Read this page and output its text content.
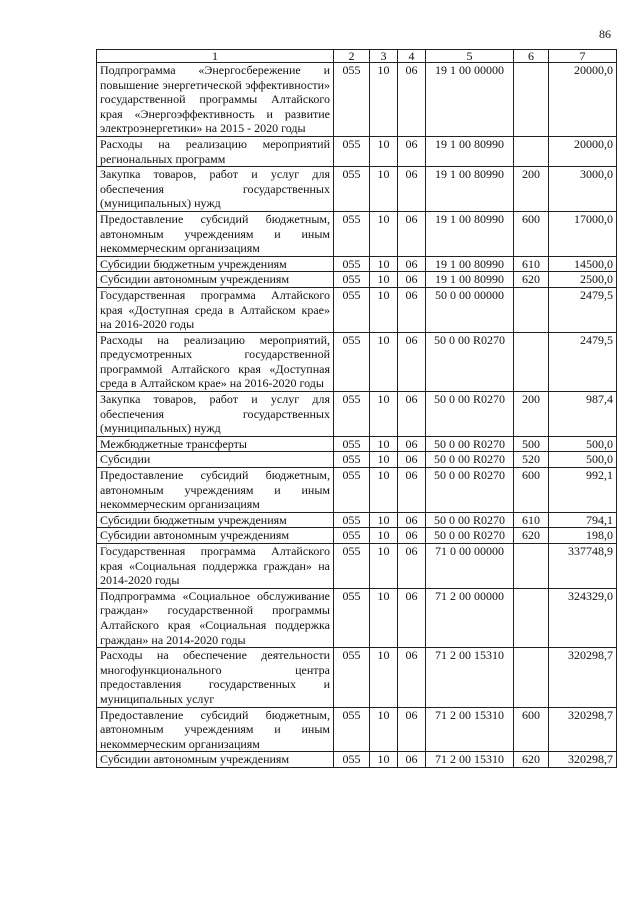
86
1	2	3	4	5	6	7
Подпрограмма «Энергосбережение и повышение энергетической эффективности» государственной программы Алтайского края «Энергоэффективность и развитие электроэнергетики» на 2015 - 2020 годы	055	10	06	19 1 00 00000		20000,0
Расходы на реализацию мероприятий региональных программ	055	10	06	19 1 00 80990		20000,0
Закупка товаров, работ и услуг для обеспечения государственных (муниципальных) нужд	055	10	06	19 1 00 80990	200	3000,0
Предоставление субсидий бюджетным, автономным учреждениям и иным некоммерческим организациям	055	10	06	19 1 00 80990	600	17000,0
Субсидии бюджетным учреждениям	055	10	06	19 1 00 80990	610	14500,0
Субсидии автономным учреждениям	055	10	06	19 1 00 80990	620	2500,0
Государственная программа Алтайского края «Доступная среда в Алтайском крае» на 2016-2020 годы	055	10	06	50 0 00 00000		2479,5
Расходы на реализацию мероприятий, предусмотренных государственной программой Алтайского края «Доступная среда в Алтайском крае» на 2016-2020 годы	055	10	06	50 0 00 R0270		2479,5
Закупка товаров, работ и услуг для обеспечения государственных (муниципальных) нужд	055	10	06	50 0 00 R0270	200	987,4
Межбюджетные трансферты	055	10	06	50 0 00 R0270	500	500,0
Субсидии	055	10	06	50 0 00 R0270	520	500,0
Предоставление субсидий бюджетным, автономным учреждениям и иным некоммерческим организациям	055	10	06	50 0 00 R0270	600	992,1
Субсидии бюджетным учреждениям	055	10	06	50 0 00 R0270	610	794,1
Субсидии автономным учреждениям	055	10	06	50 0 00 R0270	620	198,0
Государственная программа Алтайского края «Социальная поддержка граждан» на 2014-2020 годы	055	10	06	71 0 00 00000		337748,9
Подпрограмма «Социальное обслуживание граждан» государственной программы Алтайского края «Социальная поддержка граждан» на 2014-2020 годы	055	10	06	71 2 00 00000		324329,0
Расходы на обеспечение деятельности многофункционального центра предоставления государственных и муниципальных услуг	055	10	06	71 2 00 15310		320298,7
Предоставление субсидий бюджетным, автономным учреждениям и иным некоммерческим организациям	055	10	06	71 2 00 15310	600	320298,7
Субсидии автономным учреждениям	055	10	06	71 2 00 15310	620	320298,7
